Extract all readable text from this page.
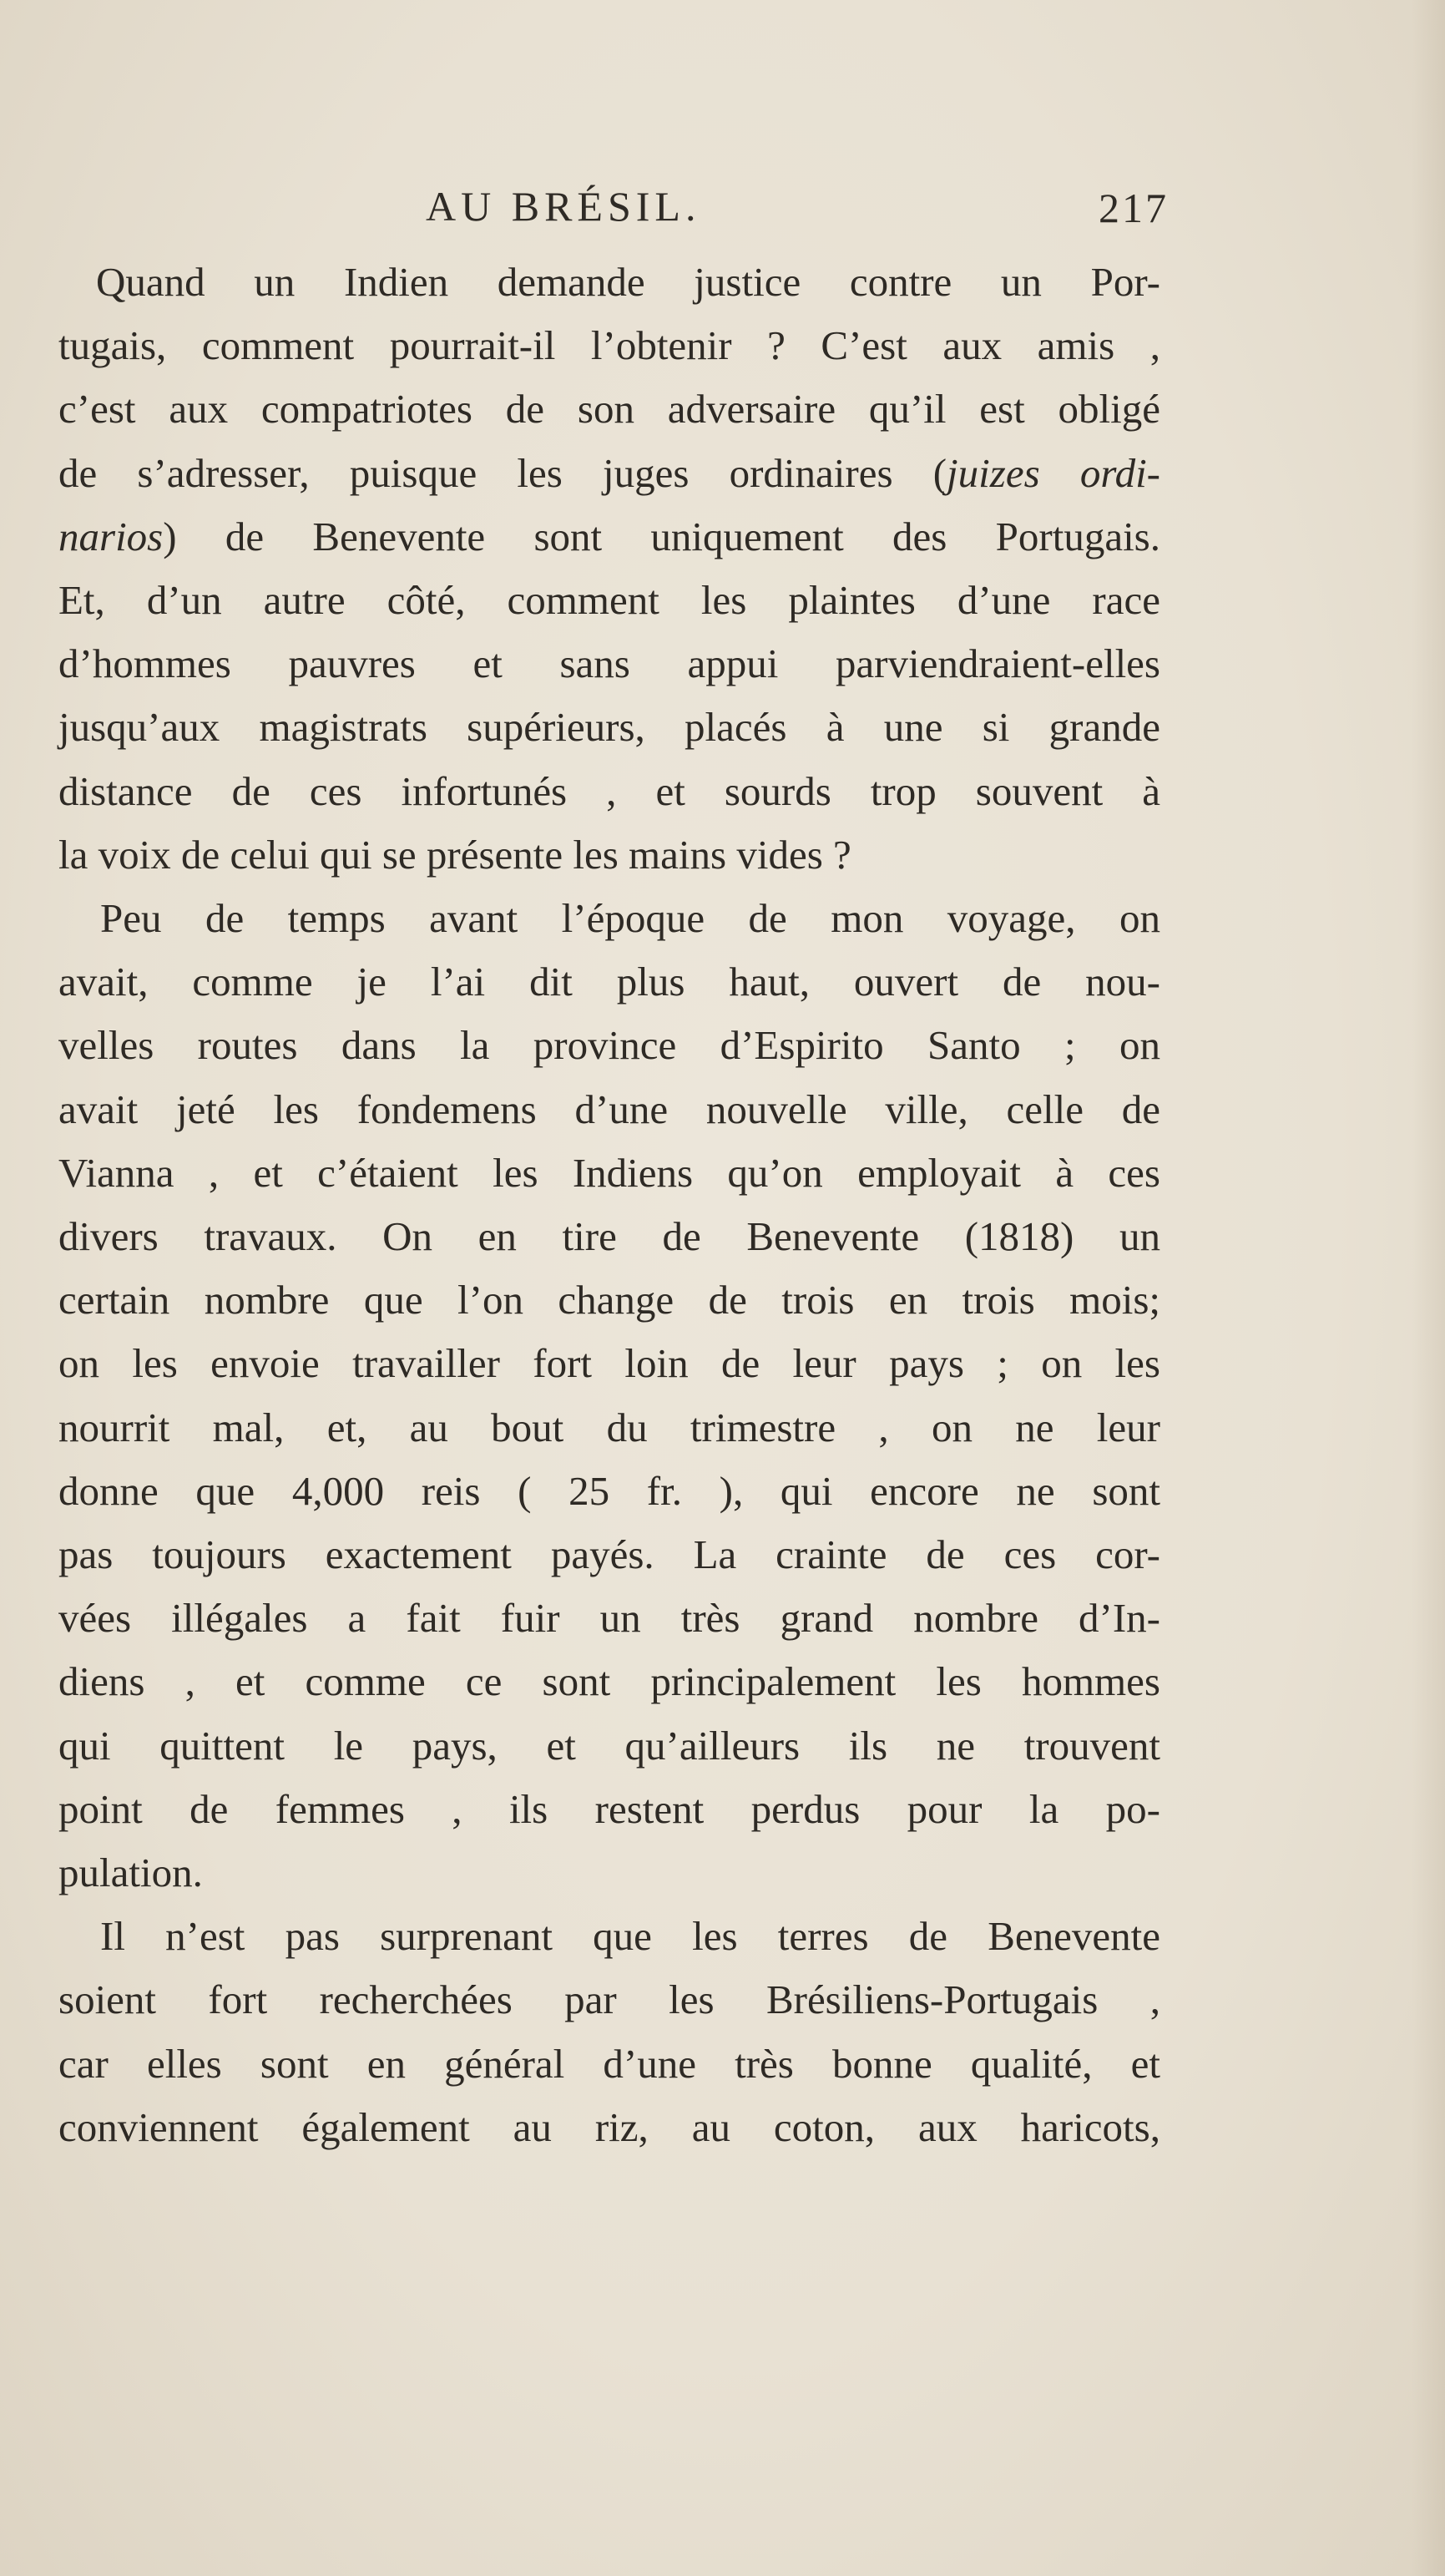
AU BRÉSIL.	217
Quand un Indien demande justice contre un Por-
tugais, comment pourrait-il l’obtenir ? C’est aux amis ,
c’est aux compatriotes de son adversaire qu’il est obligé
de s’adresser, puisque les juges ordinaires (juizes ordi-
narios) de Benevente sont uniquement des Portugais.
Et, d’un autre côté, comment les plaintes d’une race
d’hommes pauvres et sans appui parviendraient-elles
jusqu’aux magistrats supérieurs, placés à une si grande
distance de ces infortunés , et sourds trop souvent à
la voix de celui qui se présente les mains vides ?
Peu de temps avant l’époque de mon voyage, on
avait, comme je l’ai dit plus haut, ouvert de nou-
velles routes dans la province d’Espirito Santo ; on
avait jeté les fondemens d’une nouvelle ville, celle de
Vianna , et c’étaient les Indiens qu’on employait à ces
divers travaux. On en tire de Benevente (1818) un
certain nombre que l’on change de trois en trois mois;
on les envoie travailler fort loin de leur pays ; on les
nourrit mal, et, au bout du trimestre , on ne leur
donne que 4,000 reis ( 25 fr. ), qui encore ne sont
pas toujours exactement payés. La crainte de ces cor-
vées illégales a fait fuir un très grand nombre d’In-
diens , et comme ce sont principalement les hommes
qui quittent le pays, et qu’ailleurs ils ne trouvent
point de femmes , ils restent perdus pour la po-
pulation.
Il n’est pas surprenant que les terres de Benevente
soient fort recherchées par les Brésiliens-Portugais ,
car elles sont en général d’une très bonne qualité, et
conviennent également au riz, au coton, aux haricots,
